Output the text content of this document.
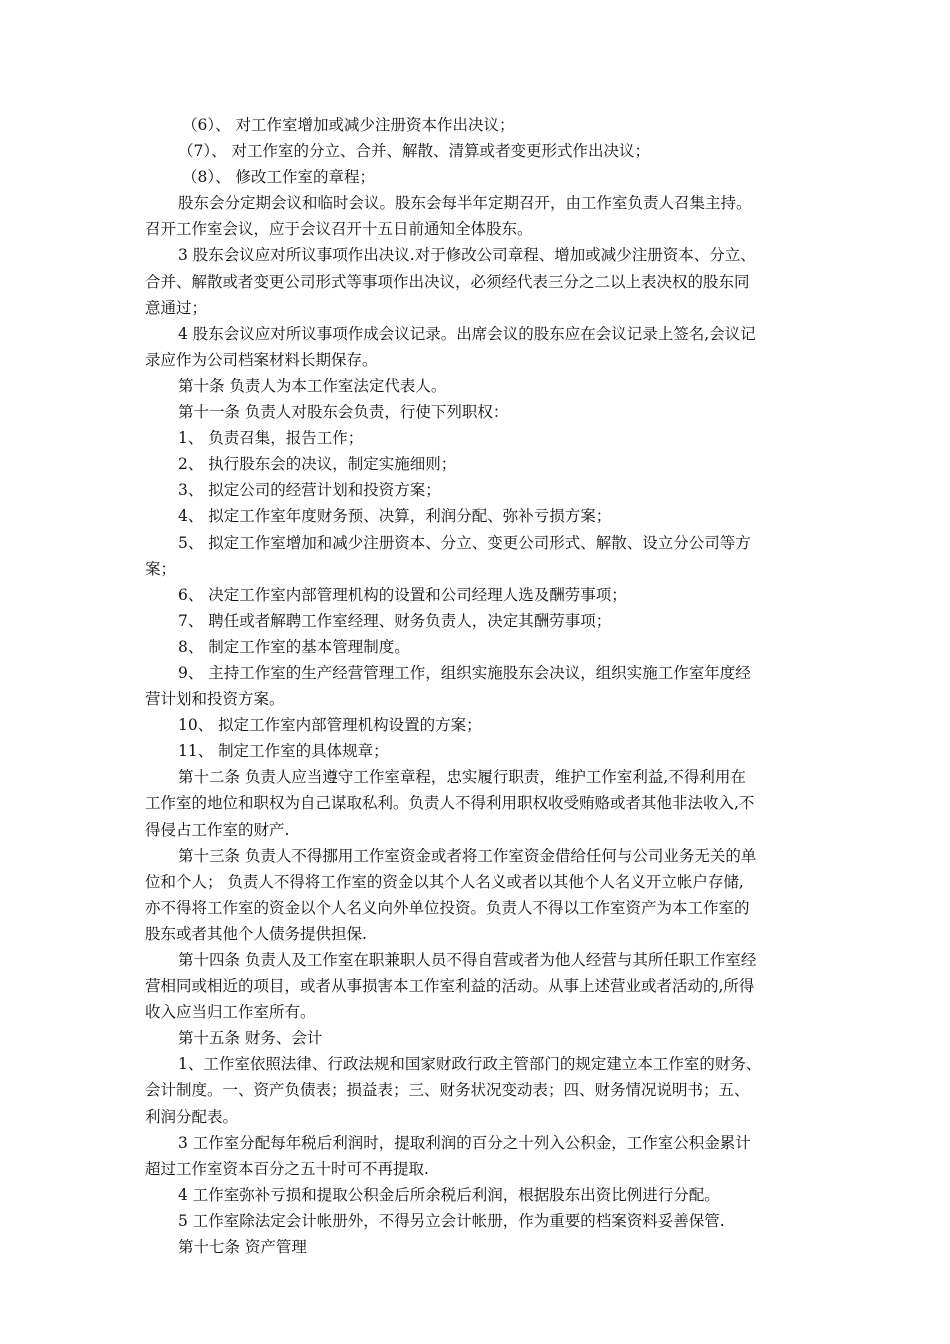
（6）、 对工作室增加或减少注册资本作出决议；

（7）、 对工作室的分立、合并、解散、清算或者变更形式作出决议；

（8）、 修改工作室的章程；

股东会分定期会议和临时会议。股东会每半年定期召开，由工作室负责人召集主持。

召开工作室会议，应于会议召开十五日前通知全体股东。

3 股东会议应对所议事项作出决议.对于修改公司章程、增加或减少注册资本、分立、

合并、解散或者变更公司形式等事项作出决议，必须经代表三分之二以上表决权的股东同

意通过；

4 股东会议应对所议事项作成会议记录。出席会议的股东应在会议记录上签名,会议记

录应作为公司档案材料长期保存。

第十条 负责人为本工作室法定代表人。

第十一条 负责人对股东会负责，行使下列职权：

1、 负责召集，报告工作；

2、 执行股东会的决议，制定实施细则；

3、 拟定公司的经营计划和投资方案；

4、 拟定工作室年度财务预、决算，利润分配、弥补亏损方案；

5、 拟定工作室增加和减少注册资本、分立、变更公司形式、解散、设立分公司等方

案；

6、 决定工作室内部管理机构的设置和公司经理人选及酬劳事项；

7、 聘任或者解聘工作室经理、财务负责人，决定其酬劳事项；

8、 制定工作室的基本管理制度。

9、 主持工作室的生产经营管理工作，组织实施股东会决议，组织实施工作室年度经

营计划和投资方案。

10、 拟定工作室内部管理机构设置的方案；

11、 制定工作室的具体规章；

第十二条 负责人应当遵守工作室章程，忠实履行职责，维护工作室利益,不得利用在

工作室的地位和职权为自己谋取私利。负责人不得利用职权收受贿赂或者其他非法收入,不

得侵占工作室的财产.

第十三条 负责人不得挪用工作室资金或者将工作室资金借给任何与公司业务无关的单

位和个人； 负责人不得将工作室的资金以其个人名义或者以其他个人名义开立帐户存储,

亦不得将工作室的资金以个人名义向外单位投资。负责人不得以工作室资产为本工作室的

股东或者其他个人债务提供担保.

第十四条 负责人及工作室在职兼职人员不得自营或者为他人经营与其所任职工作室经

营相同或相近的项目，或者从事损害本工作室利益的活动。从事上述营业或者活动的,所得

收入应当归工作室所有。

第十五条 财务、会计

1、工作室依照法律、行政法规和国家财政行政主管部门的规定建立本工作室的财务、

会计制度。一、资产负债表；损益表；三、财务状况变动表；四、财务情况说明书；五、

利润分配表。

3 工作室分配每年税后利润时，提取利润的百分之十列入公积金，工作室公积金累计

超过工作室资本百分之五十时可不再提取.

4 工作室弥补亏损和提取公积金后所余税后利润，根据股东出资比例进行分配。

5 工作室除法定会计帐册外，不得另立会计帐册，作为重要的档案资料妥善保管.

第十七条 资产管理
